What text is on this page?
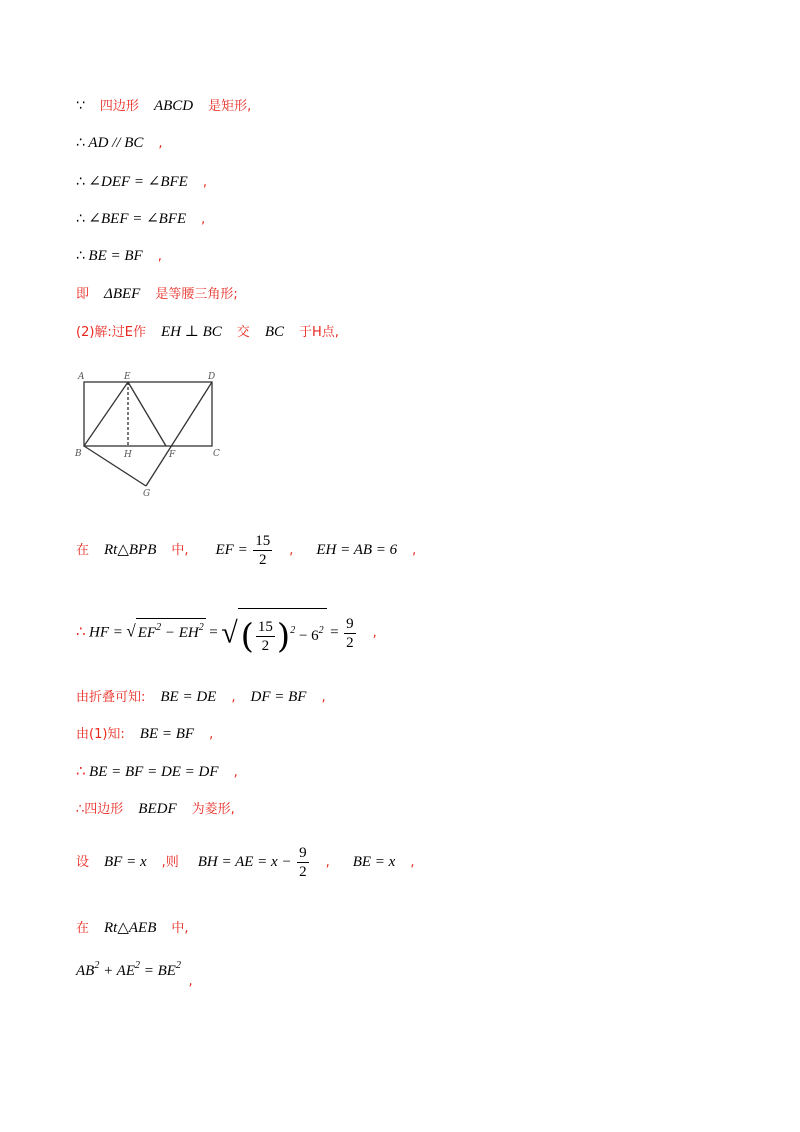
∵ 四边形 ABCD 是矩形,
∴ AD // BC ,
∴ ∠DEF = ∠BFE ,
∴ ∠BEF = ∠BFE ,
∴ BE = BF ,
即 ΔBEF 是等腰三角形;
(2)解:过E作 EH ⊥ BC 交 BC 于H点,
A	E	D
B	H	F	C
G
在 Rt△BPB 中, EF = $\frac{15}{2}$ , EH = AB = 6 ,
∴ HF = √ $EF^2 - EH^2$ = √( $\frac{15}{2} )^2 - 6^2 = \frac{9}{2}$ ,
由折叠可知: BE = DE , DF = BF ,
由(1)知: BE = BF ,
∴ BE = BF = DE = DF ,
∴四边形 BEDF 为菱形,
设 BF = x ,则 BH = AE = $x - \frac{9}{2}$ , BE = x ,
在 Rt△AEB 中,
$AB^2 + AE^2 = BE^2$ ,
